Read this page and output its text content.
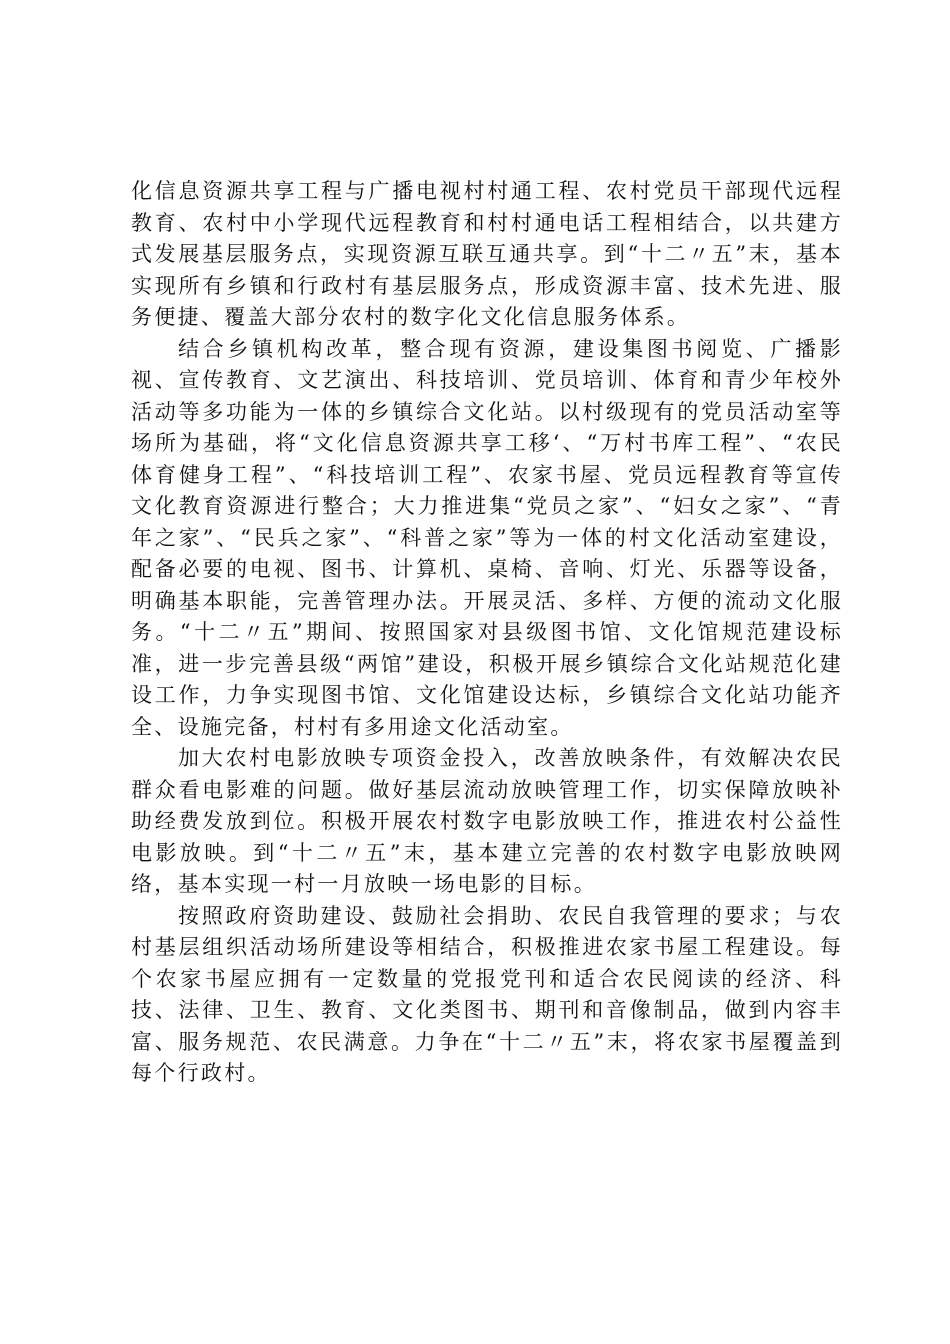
化信息资源共享工程与广播电视村村通工程、农村党员干部现代远程教育、农村中小学现代远程教育和村村通电话工程相结合，以共建方式发展基层服务点，实现资源互联互通共享。到“十二〃五”末，基本实现所有乡镇和行政村有基层服务点，形成资源丰富、技术先进、服务便捷、覆盖大部分农村的数字化文化信息服务体系。

结合乡镇机构改革，整合现有资源，建设集图书阅览、广播影视、宣传教育、文艺演出、科技培训、党员培训、体育和青少年校外活动等多功能为一体的乡镇综合文化站。以村级现有的党员活动室等场所为基础，将“文化信息资源共享工移‘、“万村书库工程”、“农民体育健身工程”、“科技培训工程”、农家书屋、党员远程教育等宣传文化教育资源进行整合；大力推进集“党员之家”、“妇女之家”、“青年之家”、“民兵之家”、“科普之家”等为一体的村文化活动室建设，配备必要的电视、图书、计算机、桌椅、音响、灯光、乐器等设备，明确基本职能，完善管理办法。开展灵活、多样、方便的流动文化服务。“十二〃五”期间、按照国家对县级图书馆、文化馆规范建设标准，进一步完善县级“两馆”建设，积极开展乡镇综合文化站规范化建设工作，力争实现图书馆、文化馆建设达标，乡镇综合文化站功能齐全、设施完备，村村有多用途文化活动室。

加大农村电影放映专项资金投入，改善放映条件，有效解决农民群众看电影难的问题。做好基层流动放映管理工作，切实保障放映补助经费发放到位。积极开展农村数字电影放映工作，推进农村公益性电影放映。到“十二〃五”末，基本建立完善的农村数字电影放映网络，基本实现一村一月放映一场电影的目标。

按照政府资助建设、鼓励社会捐助、农民自我管理的要求；与农村基层组织活动场所建设等相结合，积极推进农家书屋工程建设。每个农家书屋应拥有一定数量的党报党刊和适合农民阅读的经济、科技、法律、卫生、教育、文化类图书、期刊和音像制品，做到内容丰富、服务规范、农民满意。力争在“十二〃五”末，将农家书屋覆盖到每个行政村。
